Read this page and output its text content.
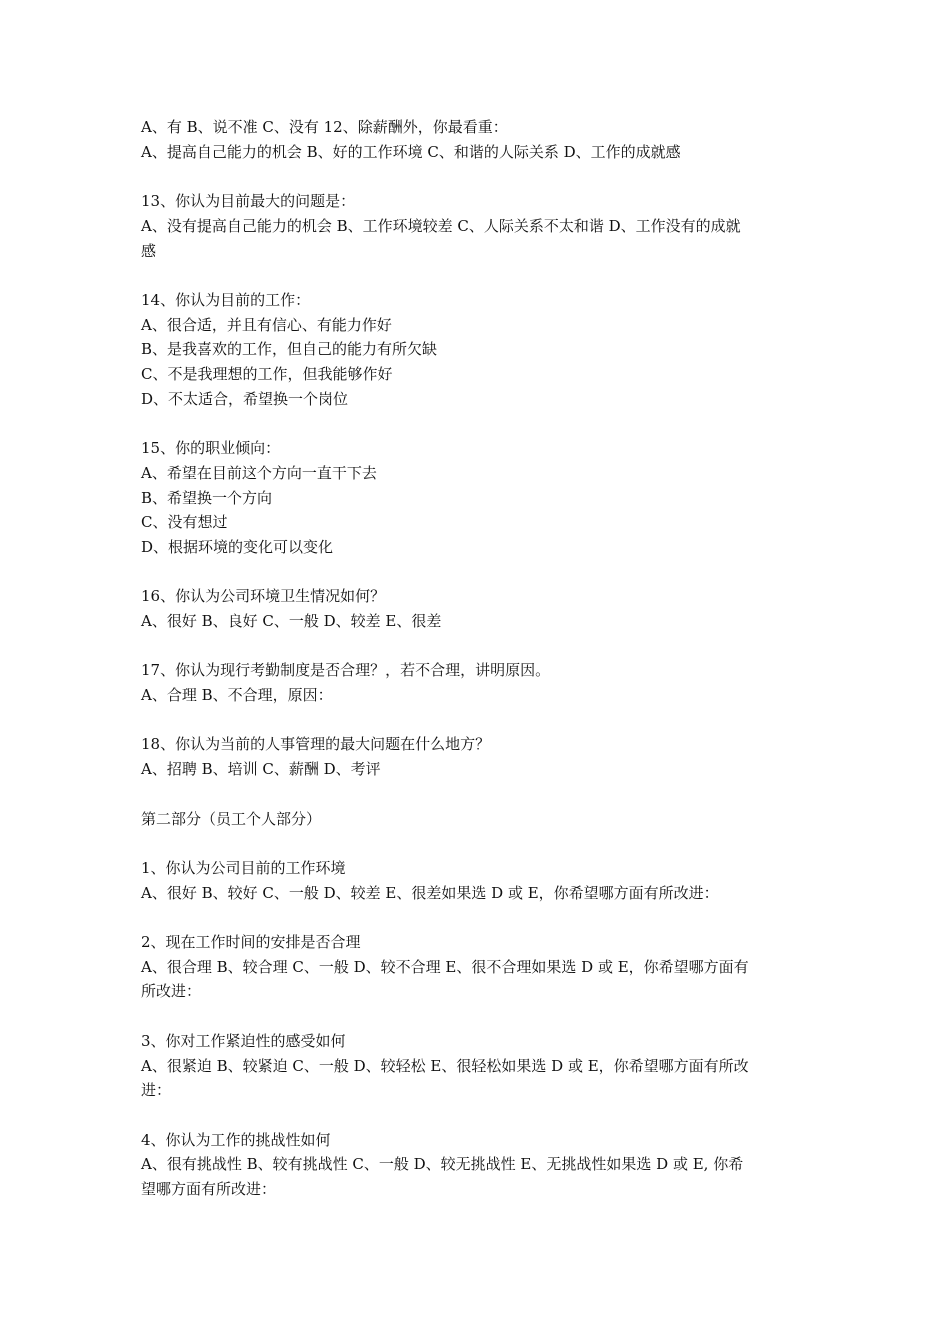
A、有 B、说不准 C、没有 12、除薪酬外，你最看重：
A、提高自己能力的机会 B、好的工作环境 C、和谐的人际关系 D、工作的成就感
13、你认为目前最大的问题是：
A、没有提高自己能力的机会 B、工作环境较差 C、人际关系不太和谐 D、工作没有的成就
感
14、你认为目前的工作：
A、很合适，并且有信心、有能力作好
B、是我喜欢的工作，但自己的能力有所欠缺
C、不是我理想的工作，但我能够作好
D、不太适合，希望换一个岗位
15、你的职业倾向：
A、希望在目前这个方向一直干下去
B、希望换一个方向
C、没有想过
D、根据环境的变化可以变化
16、你认为公司环境卫生情况如何？
A、很好 B、良好 C、一般 D、较差 E、很差
17、你认为现行考勤制度是否合理？，若不合理，讲明原因。
A、合理 B、不合理，原因：
18、你认为当前的人事管理的最大问题在什么地方？
A、招聘 B、培训 C、薪酬 D、考评
第二部分（员工个人部分）
1、你认为公司目前的工作环境
A、很好 B、较好 C、一般 D、较差 E、很差如果选 D 或 E，你希望哪方面有所改进：
2、现在工作时间的安排是否合理
A、很合理 B、较合理 C、一般 D、较不合理 E、很不合理如果选 D 或 E，你希望哪方面有
所改进：
3、你对工作紧迫性的感受如何
A、很紧迫 B、较紧迫 C、一般 D、较轻松 E、很轻松如果选 D 或 E，你希望哪方面有所改
进：
4、你认为工作的挑战性如何
A、很有挑战性 B、较有挑战性 C、一般 D、较无挑战性 E、无挑战性如果选 D 或 E, 你希
望哪方面有所改进：
